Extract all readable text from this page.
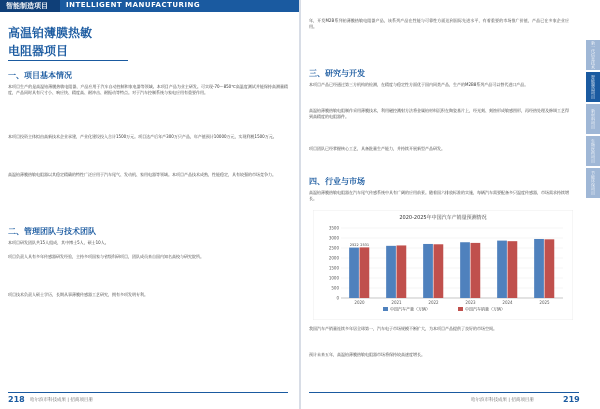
智能制造项目	INTELLIGENT MANUFACTURING
高温铂薄膜热敏
电阻器项目
一、项目基本情况
本项目生产的是高温铂薄膜热敏电阻器，产品应用于汽车自动控制和家电器等领域。本项目产品为业主研发。可实现-70～850℃高温度测试并能保持高测量精度，产品同时具有尺寸小、响应快、精度高、耐冲击、耐振动等特点。对于汽车控制系统与家电应用有重要作用。
本项目投资主体拟由高新技术企业承建，产业化建设投入合计1500万元。项目达产后年产300万只产品，年产值预计10000万元，实现利税1500万元。
高温铂薄膜热敏电阻器以其稳定精确的特性广泛应用于汽车尾气、发动机、家用电器等领域。本项目产品技术成熟，性能稳定，具有较强的市场竞争力。
二、管理团队与技术团队
本项目研发团队共15人组成，其中博士5人，硕士10人。
项目负责人具有多年传感器研发经验，主持多项国家与省级科研项目，团队成员来自国内知名高校与研究院所。
项目技术负责人硕士学历，长期从事薄膜传感器工艺研究，拥有多项发明专利。
218 哈尔滨市科技成果 | 招商项目册
年，开发M2B系列铂薄膜热敏电阻器产品，该系列产品在性能与可靠性方面达到国际先进水平，有着重要的市场推广价值，产品已在多家企业应用。
三、研究与开发
本项目产品已经通过第三方机构的检测，在精度与稳定性方面优于国内同类产品，生产的M2B8系列产品可以替代进口产品。
高温铂薄膜热敏电阻制作采用薄膜技术，利用磁控溅射方法将金属铂材料沉积在陶瓷基片上，经光刻、刻蚀形成敏感图形，再经热处理及修调工艺得到高精度的电阻器件。
项目团队已经掌握核心工艺，具备批量生产能力，并持续开展新型产品研发。
四、行业与市场
高温铂薄膜热敏电阻器在汽车尾气传感系统中具有广阔的应用前景。随着国六排放标准的实施，每辆汽车需要配备多只温度传感器，市场需求持续增长。
2020-2025年中国汽车产销量预测情况
0
500
1000
1500
2000
2500
3000
3500
2522 2531
2020	2021	2022	2023	2024	2025
中国汽车产量（万辆）	中国汽车销量（万辆）
我国汽车产销量连续多年居全球第一，汽车电子市场规模不断扩大，为本项目产品提供了良好的市场空间。
预计未来五年，高温铂薄膜热敏电阻器市场将保持较高速度增长。
新一代信息技术
智能制造项目
新材料项目
生物医药项目
节能环保项目
哈尔滨市科技成果 | 招商项目册	219
